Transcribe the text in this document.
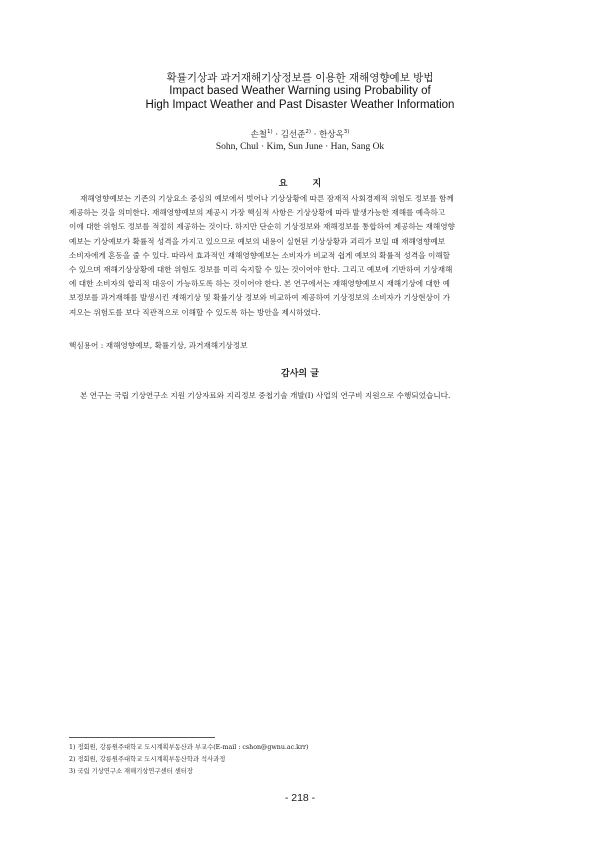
확률기상과 과거재해기상정보를 이용한 재해영향예보 방법
Impact based Weather Warning using Probability of
High Impact Weather and Past Disaster Weather Information
손철$^{1)}$ · 김선준$^{2)}$ · 한상옥$^{3)}$
Sohn, Chul · Kim, Sun June · Han, Sang Ok
요        지
재해영향예보는 기존의 기상요소 중심의 예보에서 벗어나 기상상황에 따른 잠재적 사회경제적 위험도 정보를 함께
제공하는 것을 의미한다. 재해영향예보의 제공시 가장 핵심적 사항은 기상상황에 따라 발생가능한 재해를 예측하고
이에 대한 위험도 정보를 적절히 제공하는 것이다. 하지만 단순히 기상정보와 재해정보를 통합하여 제공하는 재해영향
예보는 기상예보가 확률적 성격을 가지고 있으므로 예보의 내용이 실현된 기상상황과 괴리가 보일 때 재해영향예보
소비자에게 혼동을 줄 수 있다. 따라서 효과적인 재해영향예보는 소비자가 비교적 쉽게 예보의 확률적 성격을 이해할
수 있으며 재해기상상황에 대한 위험도 정보를 미리 숙지할 수 있는 것이어야 한다. 그리고 예보에 기반하여 기상재해
에 대한 소비자의 합리적 대응이 가능하도록 하는 것이어야 한다. 본 연구에서는 재해영향예보시 재해기상에 대한 예
보정보를 과거재해를 발생시킨 재해기상 및 확률기상 정보와 비교하여 제공하여 기상정보의 소비자가 기상현상이 가
져오는 위험도를 보다 직관적으로 이해할 수 있도록 하는 방안을 제시하였다.
핵심용어 : 재해영향예보, 확률기상, 과거재해기상정보
감사의 글
본 연구는 국립 기상연구소 지원 기상자료와 지리정보 중첩기술 개발(I) 사업의 연구비 지원으로 수행되었습니다.
1) 정회원, 강릉원주대학교 도시계획부동산과 부교수(E-mail : cshon@gwnu.ac.krr)
2) 정회원, 강릉원주대학교 도시계획부동산학과 석사과정
3) 국립 기상연구소 재해기상연구센터 센터장
- 218 -
